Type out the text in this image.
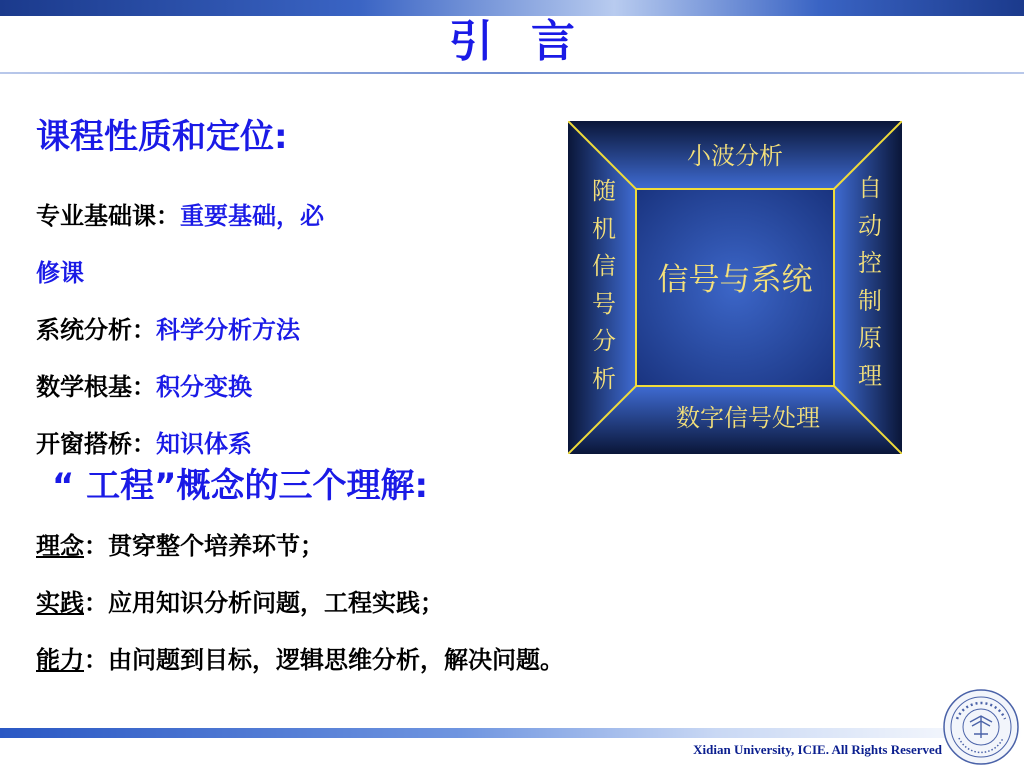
引言
课程性质和定位:
专业基础课：重要基础，必
修课
系统分析：科学分析方法
数学根基：积分变换
开窗搭桥：知识体系
“ 工程”概念的三个理解:
理念：贯穿整个培养环节；
实践：应用知识分析问题，工程实践；
能力：由问题到目标，逻辑思维分析，解决问题。
小波分析
数字信号处理
随机信号分析
自动控制原理
信号与系统
Xidian University, ICIE. All Rights Reserved
